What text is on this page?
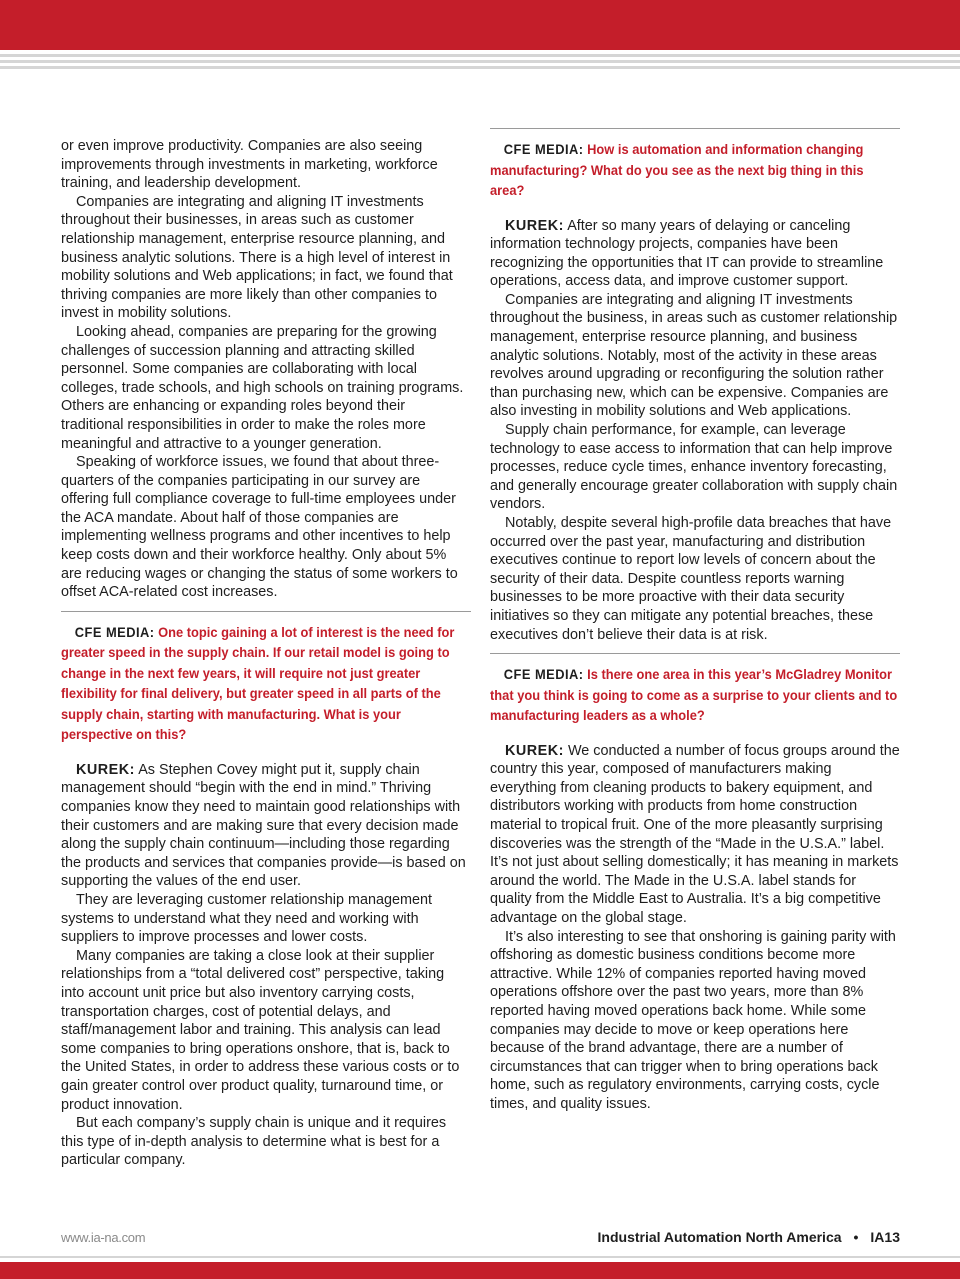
or even improve productivity. Companies are also seeing improvements through investments in marketing, workforce training, and leadership development.

Companies are integrating and aligning IT investments throughout their businesses, in areas such as customer relationship management, enterprise resource planning, and business analytic solutions. There is a high level of interest in mobility solutions and Web applications; in fact, we found that thriving companies are more likely than other companies to invest in mobility solutions.

Looking ahead, companies are preparing for the growing challenges of succession planning and attracting skilled personnel. Some companies are collaborating with local colleges, trade schools, and high schools on training programs. Others are enhancing or expanding roles beyond their traditional responsibilities in order to make the roles more meaningful and attractive to a younger generation.

Speaking of workforce issues, we found that about three-quarters of the companies participating in our survey are offering full compliance coverage to full-time employees under the ACA mandate. About half of those companies are implementing wellness programs and other incentives to help keep costs down and their workforce healthy. Only about 5% are reducing wages or changing the status of some workers to offset ACA-related cost increases.

CFE MEDIA: One topic gaining a lot of interest is the need for greater speed in the supply chain. If our retail model is going to change in the next few years, it will require not just greater flexibility for final delivery, but greater speed in all parts of the supply chain, starting with manufacturing. What is your perspective on this?

KUREK: As Stephen Covey might put it, supply chain management should “begin with the end in mind.” Thriving companies know they need to maintain good relationships with their customers and are making sure that every decision made along the supply chain continuum—including those regarding the products and services that companies provide—is based on supporting the values of the end user.

They are leveraging customer relationship management systems to understand what they need and working with suppliers to improve processes and lower costs.

Many companies are taking a close look at their supplier relationships from a “total delivered cost” perspective, taking into account unit price but also inventory carrying costs, transportation charges, cost of potential delays, and staff/management labor and training. This analysis can lead some companies to bring operations onshore, that is, back to the United States, in order to address these various costs or to gain greater control over product quality, turnaround time, or product innovation.

But each company’s supply chain is unique and it requires this type of in-depth analysis to determine what is best for a particular company.

CFE MEDIA: How is automation and information changing manufacturing? What do you see as the next big thing in this area?

KUREK: After so many years of delaying or canceling information technology projects, companies have been recognizing the opportunities that IT can provide to streamline operations, access data, and improve customer support.

Companies are integrating and aligning IT investments throughout the business, in areas such as customer relationship management, enterprise resource planning, and business analytic solutions. Notably, most of the activity in these areas revolves around upgrading or reconfiguring the solution rather than purchasing new, which can be expensive. Companies are also investing in mobility solutions and Web applications.

Supply chain performance, for example, can leverage technology to ease access to information that can help improve processes, reduce cycle times, enhance inventory forecasting, and generally encourage greater collaboration with supply chain vendors.

Notably, despite several high-profile data breaches that have occurred over the past year, manufacturing and distribution executives continue to report low levels of concern about the security of their data. Despite countless reports warning businesses to be more proactive with their data security initiatives so they can mitigate any potential breaches, these executives don’t believe their data is at risk.

CFE MEDIA: Is there one area in this year’s McGladrey Monitor that you think is going to come as a surprise to your clients and to manufacturing leaders as a whole?

KUREK: We conducted a number of focus groups around the country this year, composed of manufacturers making everything from cleaning products to bakery equipment, and distributors working with products from home construction material to tropical fruit. One of the more pleasantly surprising discoveries was the strength of the “Made in the U.S.A.” label. It’s not just about selling domestically; it has meaning in markets around the world. The Made in the U.S.A. label stands for quality from the Middle East to Australia. It’s a big competitive advantage on the global stage.

It’s also interesting to see that onshoring is gaining parity with offshoring as domestic business conditions become more attractive. While 12% of companies reported having moved operations offshore over the past two years, more than 8% reported having moved operations back home. While some companies may decide to move or keep operations here because of the brand advantage, there are a number of circumstances that can trigger when to bring operations back home, such as regulatory environments, carrying costs, cycle times, and quality issues.

www.ia-na.com	Industrial Automation North America • IA13
